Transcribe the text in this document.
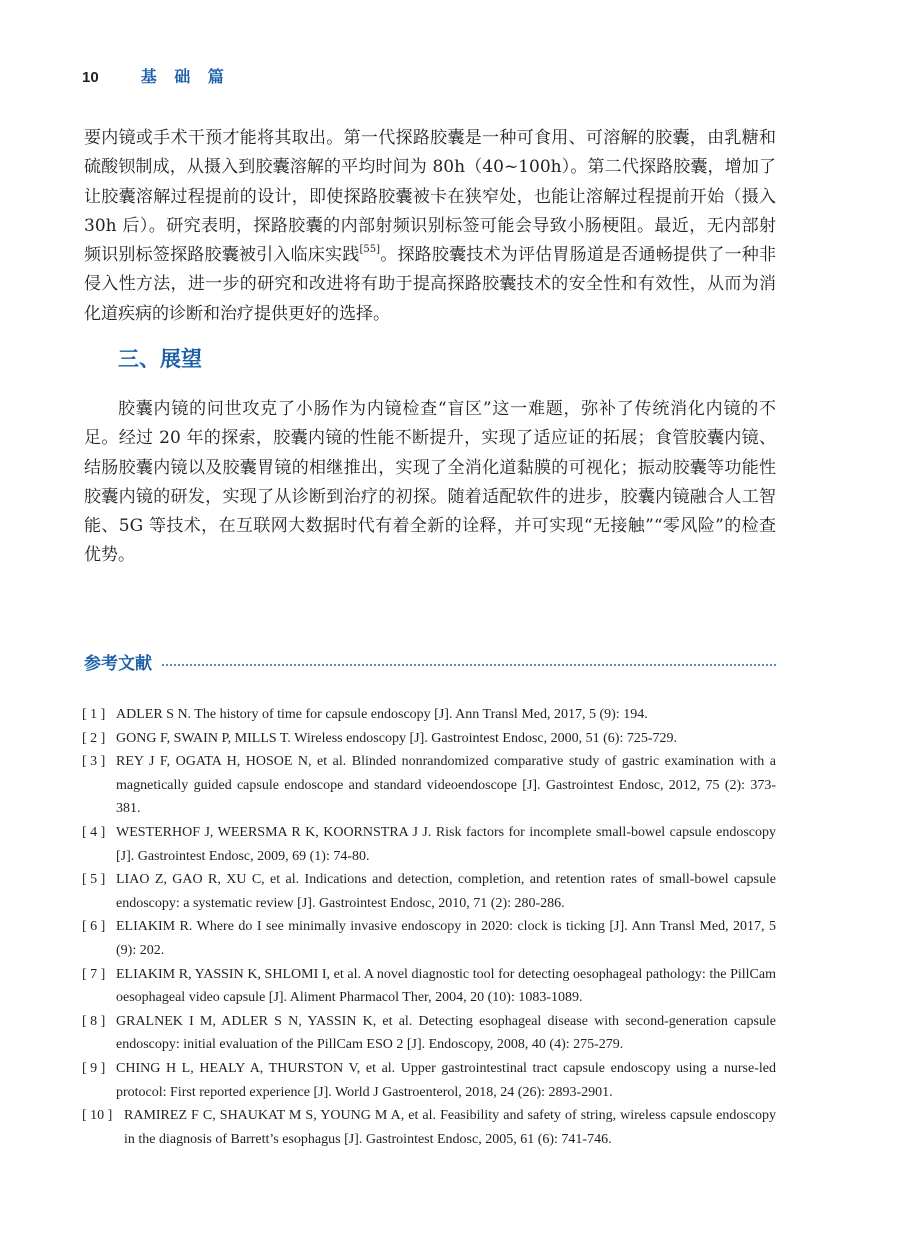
10	基 础 篇

要内镜或手术干预才能将其取出。第一代探路胶囊是一种可食用、可溶解的胶囊，由乳糖和硫酸钡制成，从摄入到胶囊溶解的平均时间为 80h（40~100h）。第二代探路胶囊，增加了让胶囊溶解过程提前的设计，即使探路胶囊被卡在狭窄处，也能让溶解过程提前开始（摄入 30h 后）。研究表明，探路胶囊的内部射频识别标签可能会导致小肠梗阻。最近，无内部射频识别标签探路胶囊被引入临床实践[55]。探路胶囊技术为评估胃肠道是否通畅提供了一种非侵入性方法，进一步的研究和改进将有助于提高探路胶囊技术的安全性和有效性，从而为消化道疾病的诊断和治疗提供更好的选择。

三、展望

胶囊内镜的问世攻克了小肠作为内镜检查“盲区”这一难题，弥补了传统消化内镜的不足。经过 20 年的探索，胶囊内镜的性能不断提升，实现了适应证的拓展；食管胶囊内镜、结肠胶囊内镜以及胶囊胃镜的相继推出，实现了全消化道黏膜的可视化；振动胶囊等功能性胶囊内镜的研发，实现了从诊断到治疗的初探。随着适配软件的进步，胶囊内镜融合人工智能、5G 等技术，在互联网大数据时代有着全新的诠释，并可实现“无接触”“零风险”的检查优势。

参考文献
[ 1 ] ADLER S N. The history of time for capsule endoscopy [J]. Ann Transl Med, 2017, 5 (9): 194.
[ 2 ] GONG F, SWAIN P, MILLS T. Wireless endoscopy [J]. Gastrointest Endosc, 2000, 51 (6): 725-729.
[ 3 ] REY J F, OGATA H, HOSOE N, et al. Blinded nonrandomized comparative study of gastric examination with a magnetically guided capsule endoscope and standard videoendoscope [J]. Gastrointest Endosc, 2012, 75 (2): 373-381.
[ 4 ] WESTERHOF J, WEERSMA R K, KOORNSTRA J J. Risk factors for incomplete small-bowel capsule endoscopy [J]. Gastrointest Endosc, 2009, 69 (1): 74-80.
[ 5 ] LIAO Z, GAO R, XU C, et al. Indications and detection, completion, and retention rates of small-bowel capsule endoscopy: a systematic review [J]. Gastrointest Endosc, 2010, 71 (2): 280-286.
[ 6 ] ELIAKIM R. Where do I see minimally invasive endoscopy in 2020: clock is ticking [J]. Ann Transl Med, 2017, 5 (9): 202.
[ 7 ] ELIAKIM R, YASSIN K, SHLOMI I, et al. A novel diagnostic tool for detecting oesophageal pathology: the PillCam oesophageal video capsule [J]. Aliment Pharmacol Ther, 2004, 20 (10): 1083-1089.
[ 8 ] GRALNEK I M, ADLER S N, YASSIN K, et al. Detecting esophageal disease with second-generation capsule endoscopy: initial evaluation of the PillCam ESO 2 [J]. Endoscopy, 2008, 40 (4): 275-279.
[ 9 ] CHING H L, HEALY A, THURSTON V, et al. Upper gastrointestinal tract capsule endoscopy using a nurse-led protocol: First reported experience [J]. World J Gastroenterol, 2018, 24 (26): 2893-2901.
[ 10 ] RAMIREZ F C, SHAUKAT M S, YOUNG M A, et al. Feasibility and safety of string, wireless capsule endoscopy in the diagnosis of Barrett’s esophagus [J]. Gastrointest Endosc, 2005, 61 (6): 741-746.
